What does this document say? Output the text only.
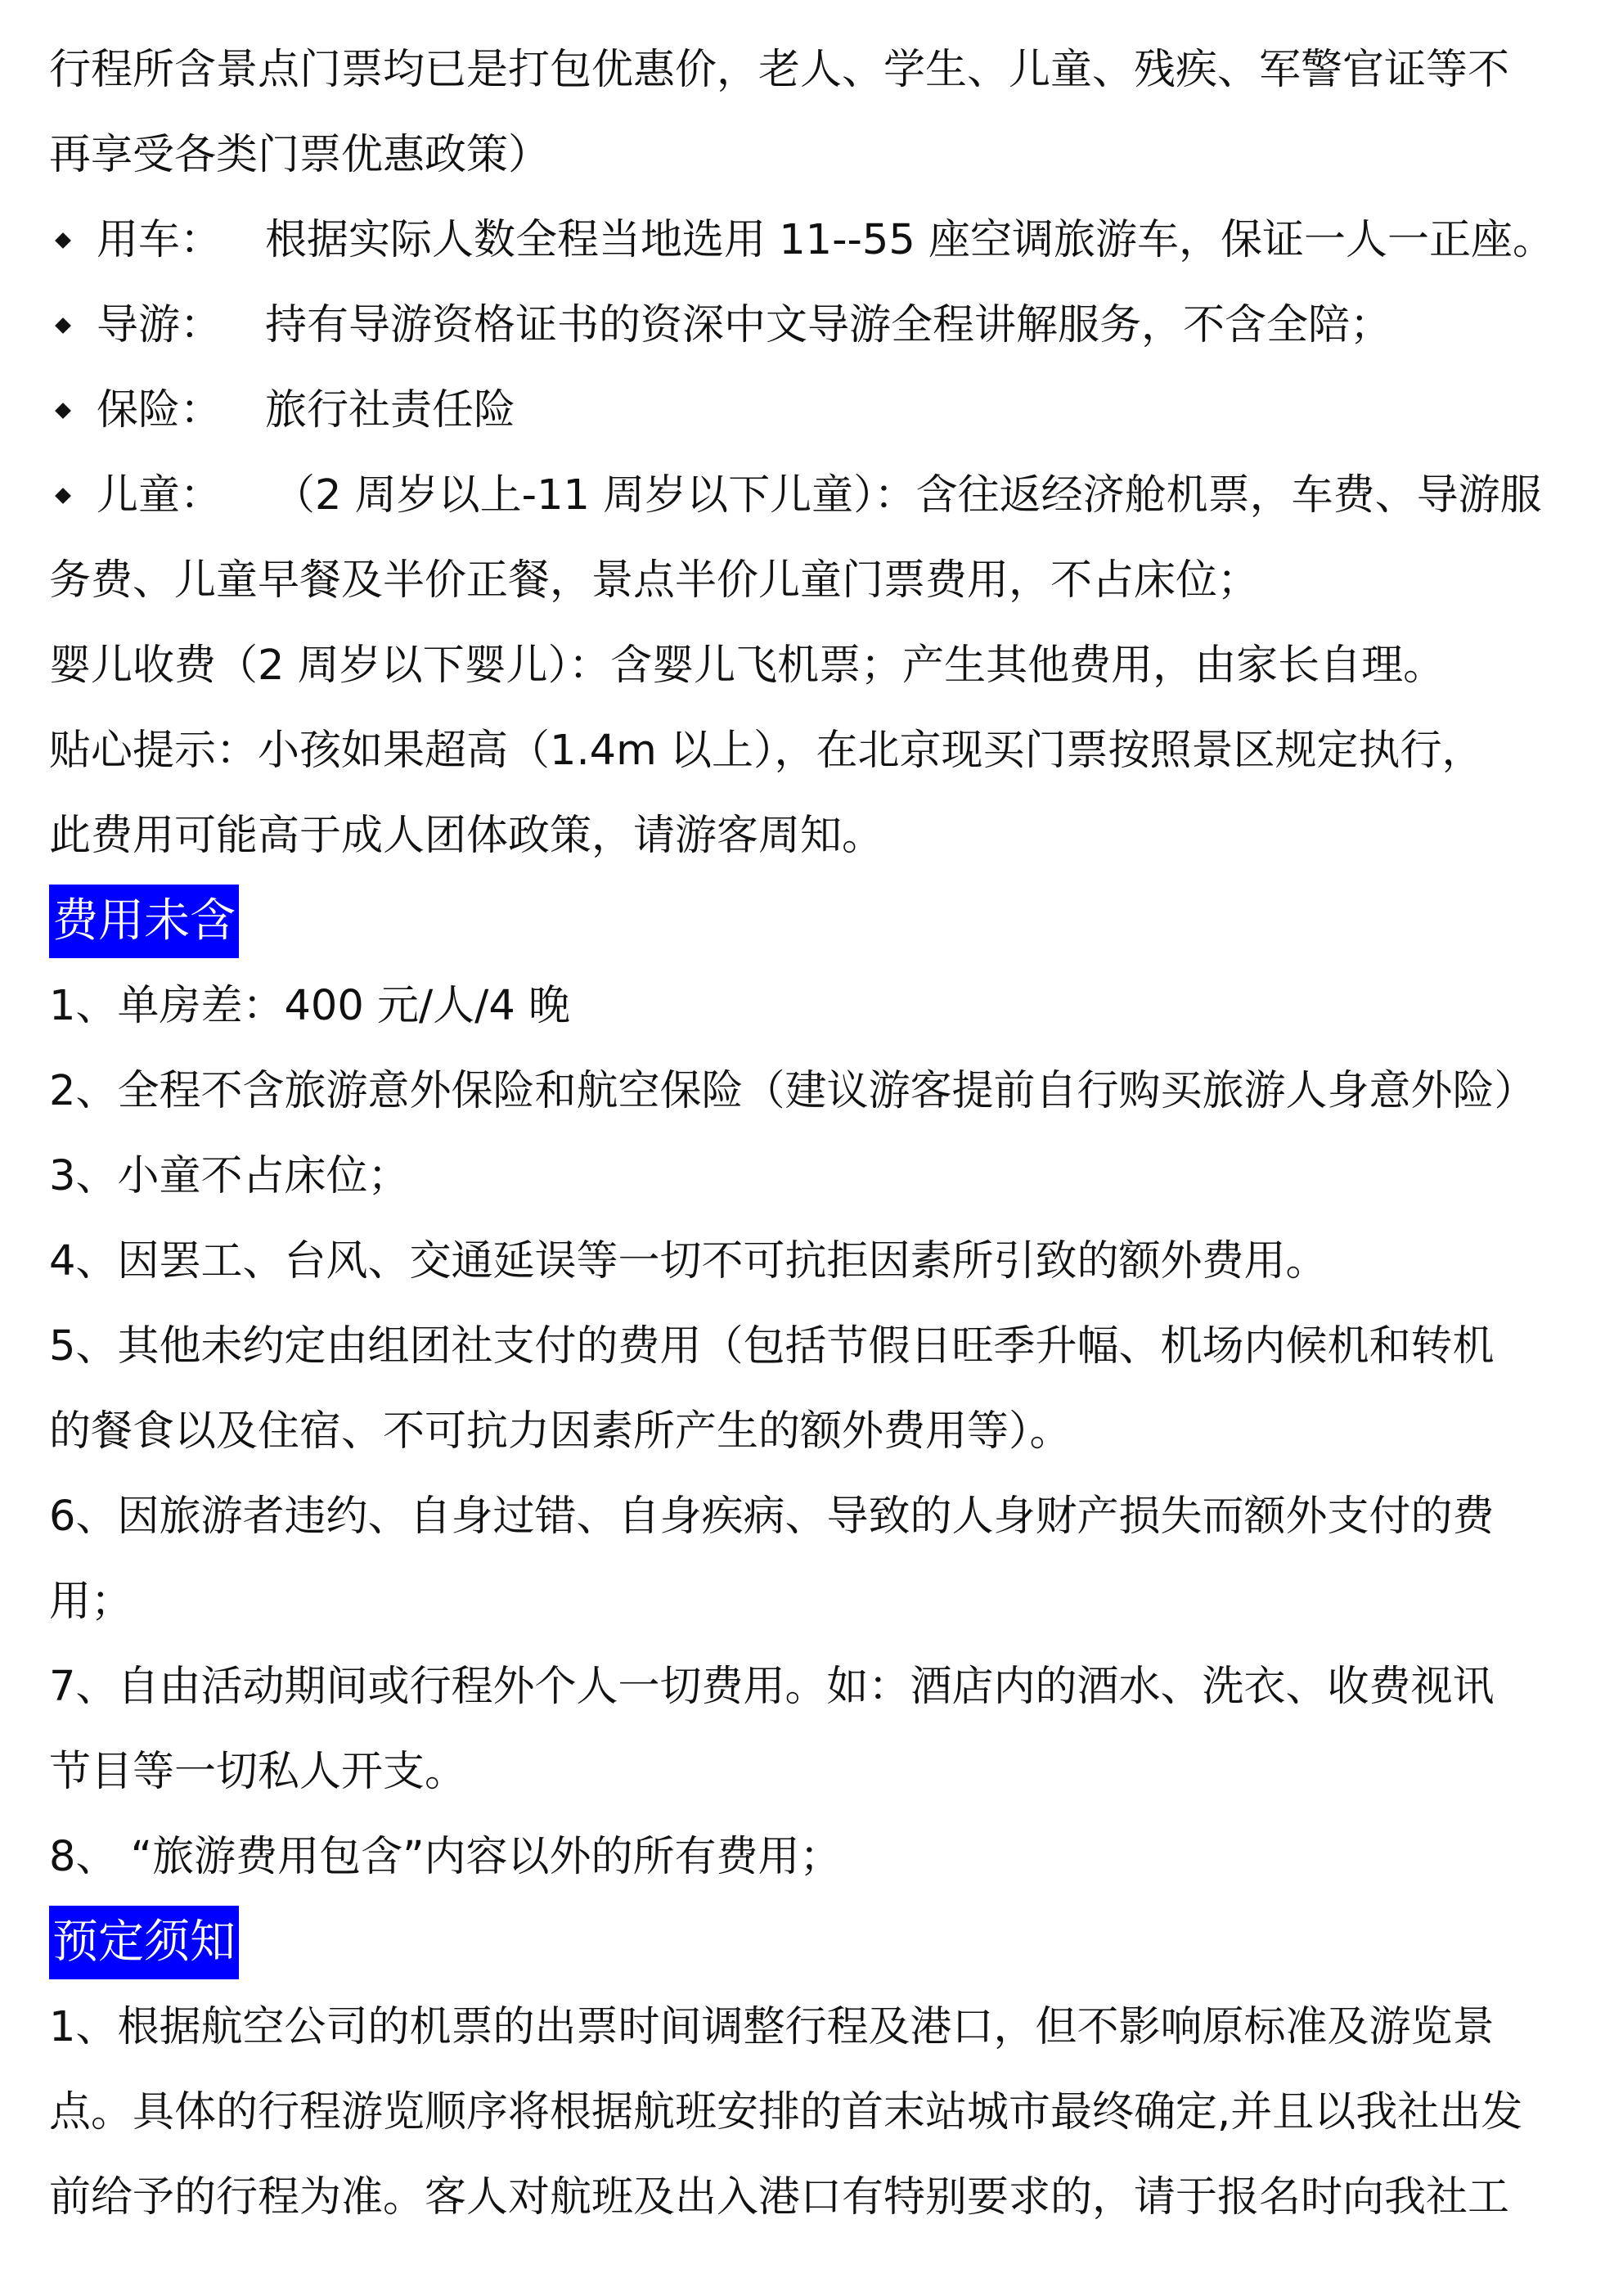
行程所含景点门票均已是打包优惠价，老人、学生、儿童、残疾、军警官证等不
再享受各类门票优惠政策）
用车：	根据实际人数全程当地选用 11--55 座空调旅游车，保证一人一正座。
导游：	持有导游资格证书的资深中文导游全程讲解服务，不含全陪；
保险：	旅行社责任险
儿童：	（2 周岁以上-11 周岁以下儿童）：含往返经济舱机票，车费、导游服
务费、儿童早餐及半价正餐，景点半价儿童门票费用，不占床位；
婴儿收费（2 周岁以下婴儿）：含婴儿飞机票；产生其他费用，由家长自理。
贴心提示：小孩如果超高（1.4m 以上），在北京现买门票按照景区规定执行，
此费用可能高于成人团体政策，请游客周知。
费用未含
1、单房差：400 元/人/4 晚
2、全程不含旅游意外保险和航空保险（建议游客提前自行购买旅游人身意外险）
3、小童不占床位；
4、因罢工、台风、交通延误等一切不可抗拒因素所引致的额外费用。
5、其他未约定由组团社支付的费用（包括节假日旺季升幅、机场内候机和转机
的餐食以及住宿、不可抗力因素所产生的额外费用等）。
6、因旅游者违约、自身过错、自身疾病、导致的人身财产损失而额外支付的费
用；
7、自由活动期间或行程外个人一切费用。如：酒店内的酒水、洗衣、收费视讯
节目等一切私人开支。
8、 “旅游费用包含”内容以外的所有费用；
预定须知
1、根据航空公司的机票的出票时间调整行程及港口，但不影响原标准及游览景
点。具体的行程游览顺序将根据航班安排的首末站城市最终确定,并且以我社出发
前给予的行程为准。客人对航班及出入港口有特别要求的，请于报名时向我社工
